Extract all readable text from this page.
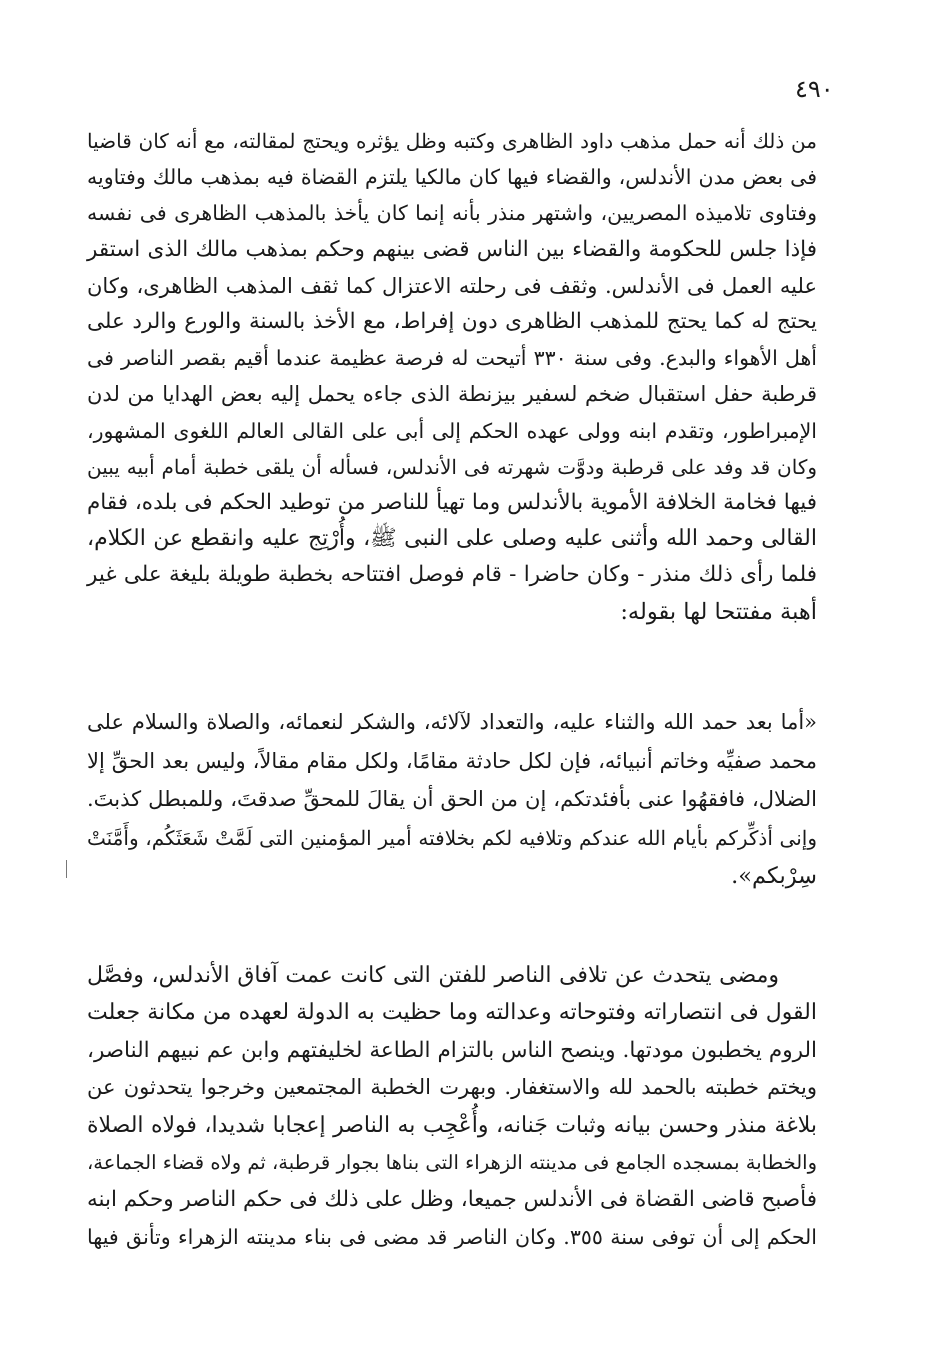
٤٩٠
من ذلك أنه حمل مذهب داود الظاهرى وكتبه وظل يؤثره ويحتج لمقالته، مع أنه كان قاضيا
فى بعض مدن الأندلس، والقضاء فيها كان مالكيا يلتزم القضاة فيه بمذهب مالك وفتاويه
وفتاوى تلاميذه المصريين، واشتهر منذر بأنه إنما كان يأخذ بالمذهب الظاهرى فى نفسه
فإذا جلس للحكومة والقضاء بين الناس قضى بينهم وحكم بمذهب مالك الذى استقر
عليه العمل فى الأندلس. وثقف فى رحلته الاعتزال كما ثقف المذهب الظاهرى، وكان
يحتج له كما يحتج للمذهب الظاهرى دون إفراط، مع الأخذ بالسنة والورع والرد على
أهل الأهواء والبدع. وفى سنة ٣٣٠ أتيحت له فرصة عظيمة عندما أقيم بقصر الناصر فى
قرطبة حفل استقبال ضخم لسفير بيزنطة الذى جاءه يحمل إليه بعض الهدايا من لدن
الإمبراطور، وتقدم ابنه وولى عهده الحكم إلى أبى على القالى العالم اللغوى المشهور،
وكان قد وفد على قرطبة ودوَّت شهرته فى الأندلس، فسأله أن يلقى خطبة أمام أبيه يبين
فيها فخامة الخلافة الأموية بالأندلس وما تهيأ للناصر من توطيد الحكم فى بلده، فقام
القالى وحمد الله وأثنى عليه وصلى على النبى ﷺ، وأُرْتِج عليه وانقطع عن الكلام،
فلما رأى ذلك منذر - وكان حاضرا - قام فوصل افتتاحه بخطبة طويلة بليغة على غير
أهبة مفتتحا لها بقوله:
«أما بعد حمد الله والثناء عليه، والتعداد لآلائه، والشكر لنعمائه، والصلاة والسلام على
محمد صفيِّه وخاتم أنبيائه، فإن لكل حادثة مقامًا، ولكل مقام مقالاً، وليس بعد الحقِّ إلا
الضلال، فافقهُوا عنى بأفئدتكم، إن من الحق أن يقالَ للمحقِّ صدقتَ، وللمبطل كذبتَ.
وإنى أذكِّركم بأيام الله عندكم وتلافيه لكم بخلافته أمير المؤمنين التى لَمَّتْ شَعَثَكُم، وأَمَّنَتْ
سِرْبكم».
ومضى يتحدث عن تلافى الناصر للفتن التى كانت عمت آفاق الأندلس، وفصَّل
القول فى انتصاراته وفتوحاته وعدالته وما حظيت به الدولة لعهده من مكانة جعلت
الروم يخطبون مودتها. وينصح الناس بالتزام الطاعة لخليفتهم وابن عم نبيهم الناصر،
ويختم خطبته بالحمد لله والاستغفار. وبهرت الخطبة المجتمعين وخرجوا يتحدثون عن
بلاغة منذر وحسن بيانه وثبات جَنانه، وأُعْجِب به الناصر إعجابا شديدا، فولاه الصلاة
والخطابة بمسجده الجامع فى مدينته الزهراء التى بناها بجوار قرطبة، ثم ولاه قضاء الجماعة،
فأصبح قاضى القضاة فى الأندلس جميعا، وظل على ذلك فى حكم الناصر وحكم ابنه
الحكم إلى أن توفى سنة ٣٥٥. وكان الناصر قد مضى فى بناء مدينته الزهراء وتأنق فيها
